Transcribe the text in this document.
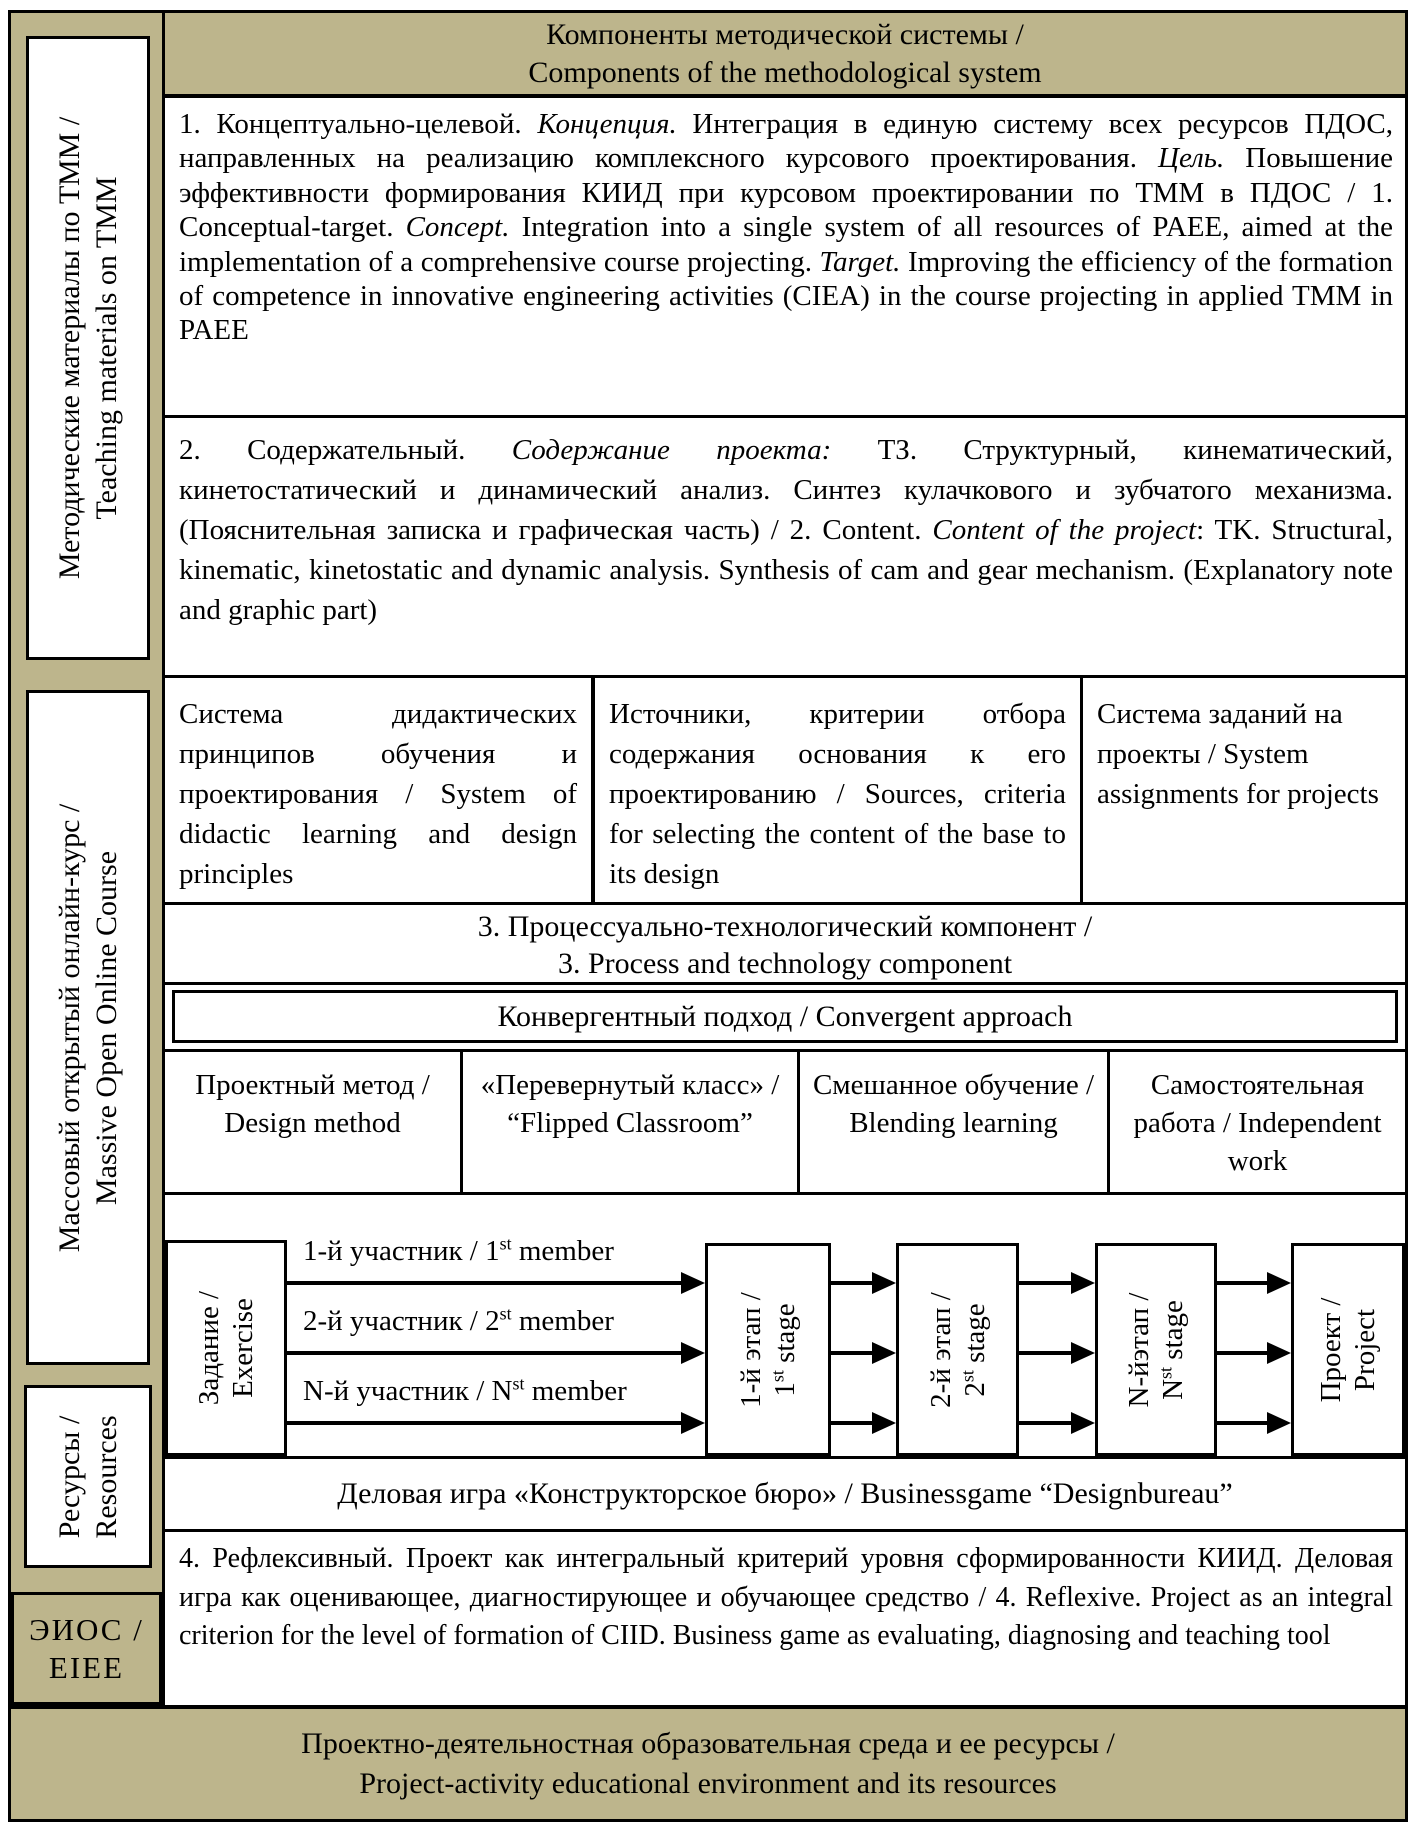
Методические материалы по ТММ / Teaching materials on TMM
Массовый открытый онлайн-курс / Massive Open Online Course
Ресурсы / Resources
ЭИОС /
EIEE
Компоненты методической системы /
Components of the methodological system
1. Концептуально-целевой. Концепция. Интеграция в единую систему всех ресурсов ПДОС, направленных на реализацию комплексного курсового проектирования. Цель. Повышение эффективности формирования КИИД при курсовом проектировании по ТММ в ПДОС / 1. Conceptual-target. Concept. Integration into a single system of all resources of PAEE, aimed at the implementation of a comprehensive course projecting. Target. Improving the efficiency of the formation of competence in innovative engineering activities (CIEA) in the course projecting in applied TMM in PAEE
2. Содержательный. Содержание проекта: ТЗ. Структурный, кинематический, кинетостатический и динамический анализ. Синтез кулачкового и зубчатого механизма. (Пояснительная записка и графическая часть) / 2. Content. Content of the project: TK. Structural, kinematic, kinetostatic and dynamic analysis. Synthesis of cam and gear mechanism. (Explanatory note and graphic part)
Система дидактических принципов обучения и проектирования / System of didactic learning and design principles
Источники, критерии отбора содержания основания к его проектированию / Sources, criteria for selecting the content of the base to its design
Система заданий на проекты / System assignments for projects
3. Процессуально-технологический компонент /
3. Process and technology component
Конвергентный подход / Convergent approach
Проектный метод / Design method
«Перевернутый класс» / “Flipped Classroom”
Смешанное обучение / Blending learning
Самостоятельная работа / Independent work
Задание / Exercise
1-й участник / 1st member
2-й участник / 2st member
N-й участник / $N^{st}$ member	1-й этап / 1st stage	2-й этап / 2st stage	N-йэтап / $N^{st}$ stage	Проект / Project
Деловая игра «Конструкторское бюро» / Businessgame “Designbureau”
4. Рефлексивный. Проект как интегральный критерий уровня сформированности КИИД. Деловая игра как оценивающее, диагностирующее и обучающее средство / 4. Reflexive. Project as an integral criterion for the level of formation of CIID. Business game as evaluating, diagnosing and teaching tool
Проектно-деятельностная образовательная среда и ее ресурсы /
Project-activity educational environment and its resources
